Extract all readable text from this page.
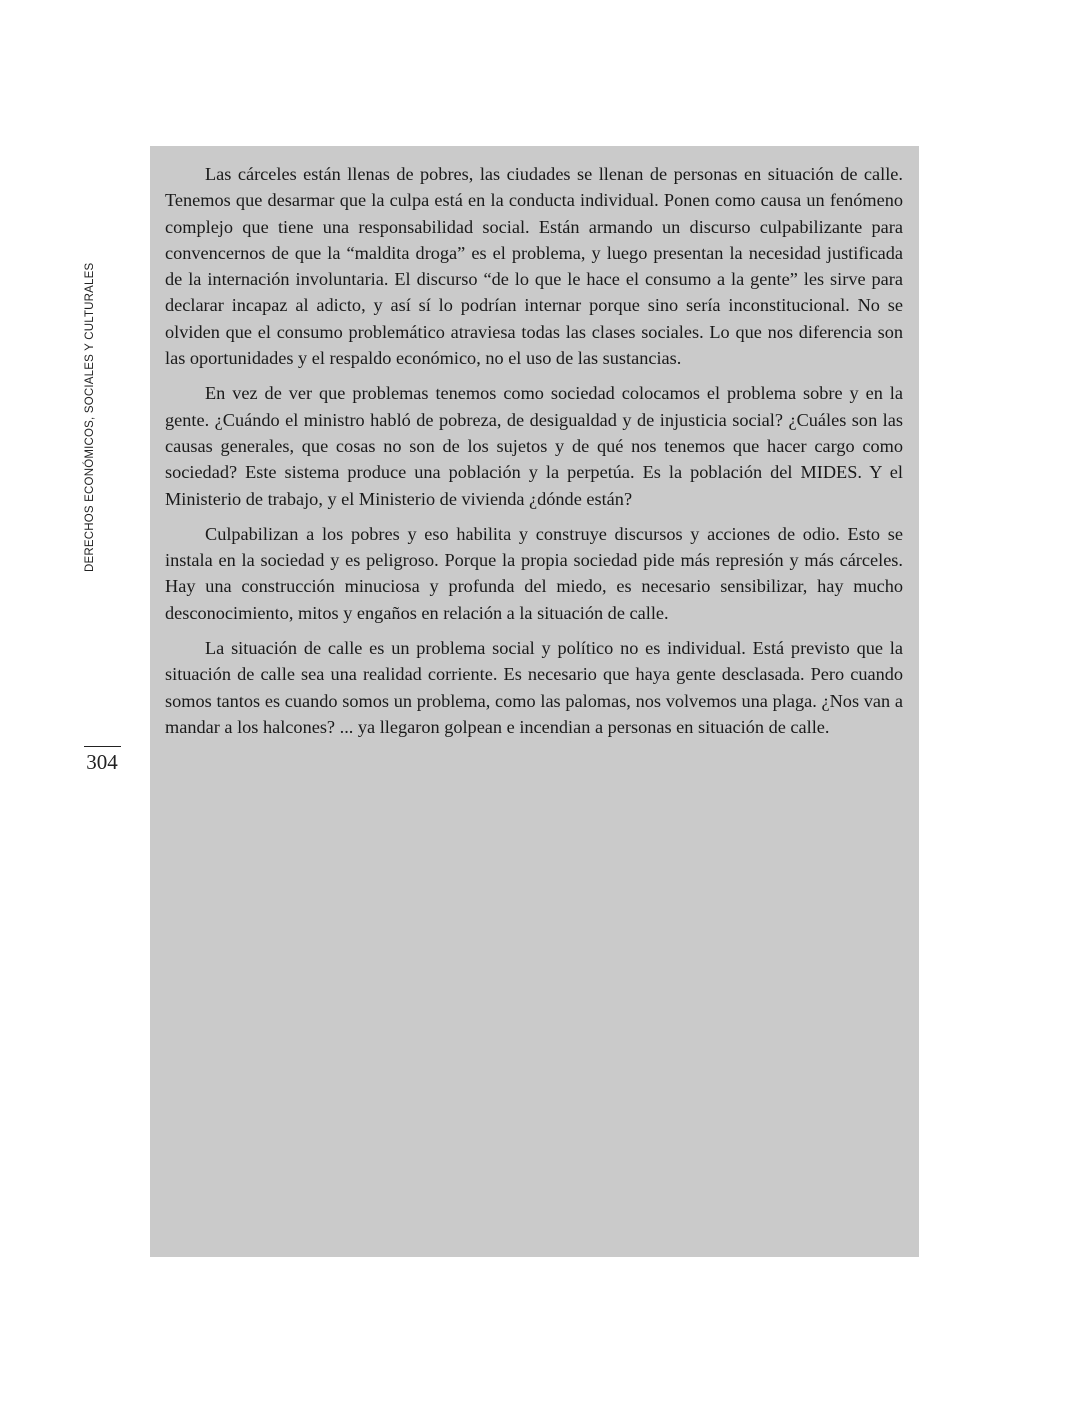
DERECHOS ECONÓMICOS, SOCIALES Y CULTURALES
304

Las cárceles están llenas de pobres, las ciudades se llenan de personas en situación de calle. Tenemos que desarmar que la culpa está en la conducta individual. Ponen como causa un fenómeno complejo que tiene una responsabilidad social. Están armando un discurso culpabilizante para convencernos de que la “maldita droga” es el problema, y luego presentan la necesidad justificada de la internación involuntaria. El discurso “de lo que le hace el consumo a la gente” les sirve para declarar incapaz al adicto, y así sí lo podrían internar porque sino sería inconstitucional. No se olviden que el consumo problemático atraviesa todas las clases sociales. Lo que nos diferencia son las oportunidades y el respaldo económico, no el uso de las sustancias.

En vez de ver que problemas tenemos como sociedad colocamos el problema sobre y en la gente. ¿Cuándo el ministro habló de pobreza, de desigualdad y de injusticia social? ¿Cuáles son las causas generales, que cosas no son de los sujetos y de qué nos tenemos que hacer cargo como sociedad? Este sistema produce una población y la perpetúa. Es la población del MIDES. Y el Ministerio de trabajo, y el Ministerio de vivienda ¿dónde están?

Culpabilizan a los pobres y eso habilita y construye discursos y acciones de odio. Esto se instala en la sociedad y es peligroso. Porque la propia sociedad pide más represión y más cárceles. Hay una construcción minuciosa y profunda del miedo, es necesario sensibilizar, hay mucho desconocimiento, mitos y engaños en relación a la situación de calle.

La situación de calle es un problema social y político no es individual. Está previsto que la situación de calle sea una realidad corriente. Es necesario que haya gente desclasada. Pero cuando somos tantos es cuando somos un problema, como las palomas, nos volvemos una plaga. ¿Nos van a mandar a los halcones? ... ya llegaron golpean e incendian a personas en situación de calle.
